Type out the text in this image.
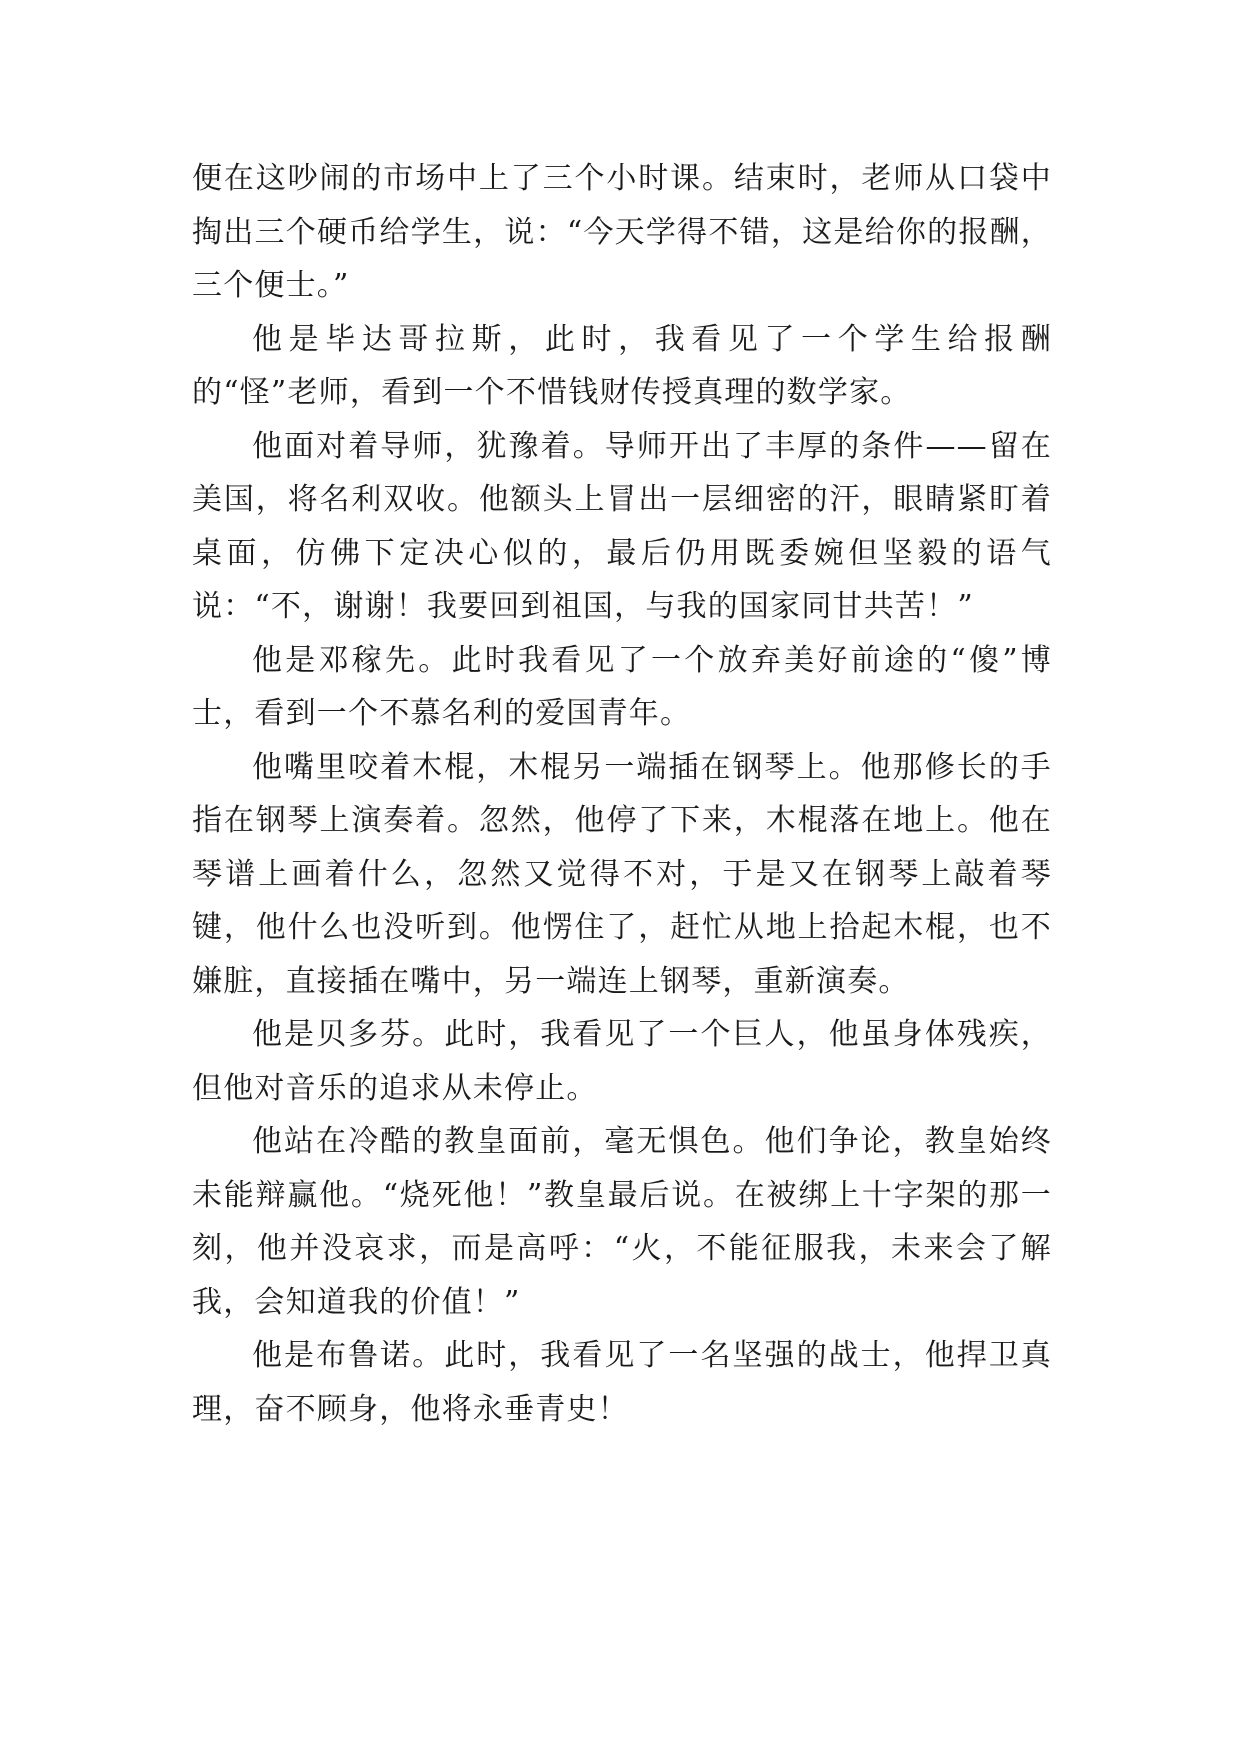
便在这吵闹的市场中上了三个小时课。结束时，老师从口袋中掏出三个硬币给学生，说：“今天学得不错，这是给你的报酬，三个便士。”

他是毕达哥拉斯，此时，我看见了一个学生给报酬的“怪”老师，看到一个不惜钱财传授真理的数学家。

他面对着导师，犹豫着。导师开出了丰厚的条件——留在美国，将名利双收。他额头上冒出一层细密的汗，眼睛紧盯着桌面，仿佛下定决心似的，最后仍用既委婉但坚毅的语气说：“不，谢谢！我要回到祖国，与我的国家同甘共苦！”

他是邓稼先。此时我看见了一个放弃美好前途的“傻”博士，看到一个不慕名利的爱国青年。

他嘴里咬着木棍，木棍另一端插在钢琴上。他那修长的手指在钢琴上演奏着。忽然，他停了下来，木棍落在地上。他在琴谱上画着什么，忽然又觉得不对，于是又在钢琴上敲着琴键，他什么也没听到。他愣住了，赶忙从地上拾起木棍，也不嫌脏，直接插在嘴中，另一端连上钢琴，重新演奏。

他是贝多芬。此时，我看见了一个巨人，他虽身体残疾，但他对音乐的追求从未停止。

他站在冷酷的教皇面前，毫无惧色。他们争论，教皇始终未能辩赢他。“烧死他！”教皇最后说。在被绑上十字架的那一刻，他并没哀求，而是高呼：“火，不能征服我，未来会了解我，会知道我的价值！”

他是布鲁诺。此时，我看见了一名坚强的战士，他捍卫真理，奋不顾身，他将永垂青史！
